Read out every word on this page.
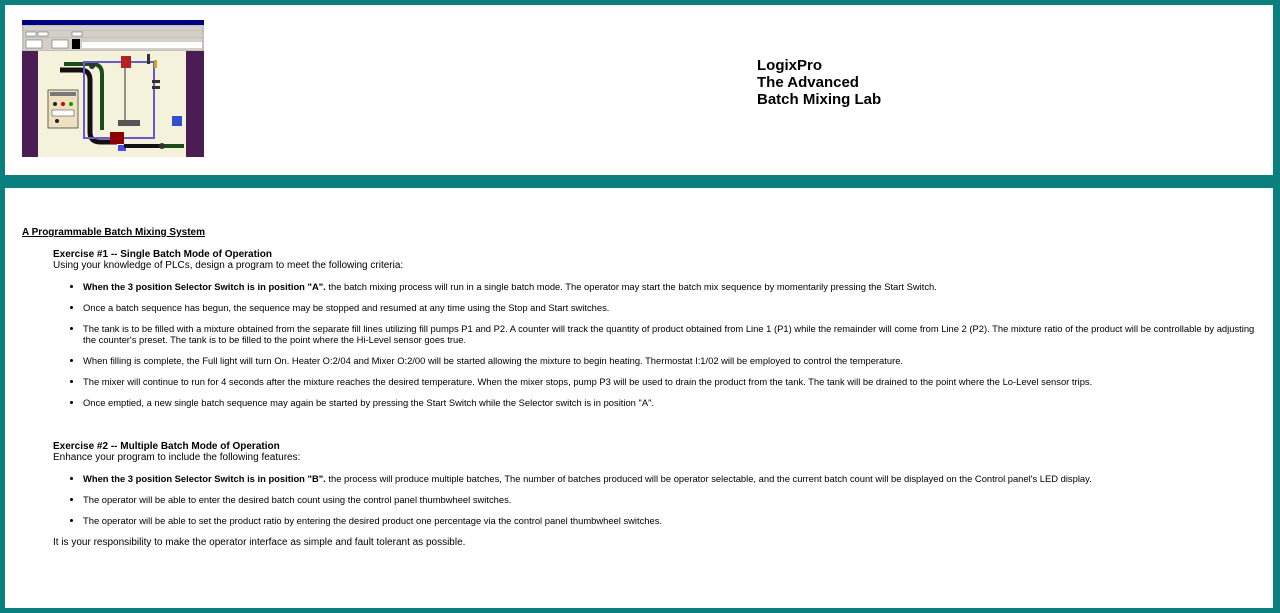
LogixPro
The Advanced
Batch Mixing Lab
A Programmable Batch Mixing System
Exercise #1 -- Single Batch Mode of Operation
Using your knowledge of PLCs, design a program to meet the following criteria:
• When the 3 position Selector Switch is in position "A". the batch mixing process will run in a single batch mode. The operator may start the batch mix sequence by momentarily pressing the Start Switch.
• Once a batch sequence has begun, the sequence may be stopped and resumed at any time using the Stop and Start switches.
• The tank is to be filled with a mixture obtained from the separate fill lines utilizing fill pumps P1 and P2. A counter will track the quantity of product obtained from Line 1 (P1) while the remainder will come from Line 2 (P2). The mixture ratio of the product will be controllable by adjusting the counter's preset. The tank is to be filled to the point where the Hi-Level sensor goes true.
• When filling is complete, the Full light will turn On. Heater O:2/04 and Mixer O:2/00 will be started allowing the mixture to begin heating. Thermostat I:1/02 will be employed to control the temperature.
• The mixer will continue to run for 4 seconds after the mixture reaches the desired temperature. When the mixer stops, pump P3 will be used to drain the product from the tank. The tank will be drained to the point where the Lo-Level sensor trips.
• Once emptied, a new single batch sequence may again be started by pressing the Start Switch while the Selector switch is in position "A".
Exercise #2 -- Multiple Batch Mode of Operation
Enhance your program to include the following features:
• When the 3 position Selector Switch is in position "B". the process will produce multiple batches, The number of batches produced will be operator selectable, and the current batch count will be displayed on the Control panel's LED display.
• The operator will be able to enter the desired batch count using the control panel thumbwheel switches.
• The operator will be able to set the product ratio by entering the desired product one percentage via the control panel thumbwheel switches.
It is your responsibility to make the operator interface as simple and fault tolerant as possible.
